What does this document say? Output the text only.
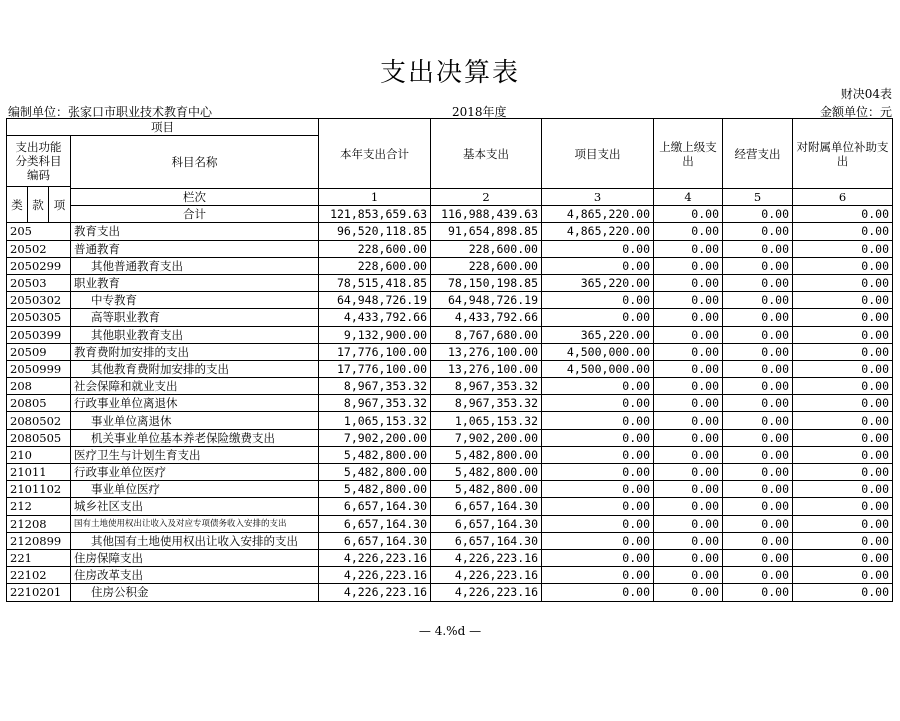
支出决算表
财决04表
编制单位：张家口市职业技术教育中心	2018年度	金额单位：元
项目				本年支出合计	基本支出	项目支出	上缴上级支出	经营支出	对附属单位补助支出
支出功能分类科目编码			科目名称						
类	款	项							
			栏次	1	2	3	4	5	6
			合计	121,853,659.63	116,988,439.63	4,865,220.00	0.00	0.00	0.00
205			教育支出	96,520,118.85	91,654,898.85	4,865,220.00	0.00	0.00	0.00
20502			普通教育	228,600.00	228,600.00	0.00	0.00	0.00	0.00
2050299			其他普通教育支出	228,600.00	228,600.00	0.00	0.00	0.00	0.00
20503			职业教育	78,515,418.85	78,150,198.85	365,220.00	0.00	0.00	0.00
2050302			中专教育	64,948,726.19	64,948,726.19	0.00	0.00	0.00	0.00
2050305			高等职业教育	4,433,792.66	4,433,792.66	0.00	0.00	0.00	0.00
2050399			其他职业教育支出	9,132,900.00	8,767,680.00	365,220.00	0.00	0.00	0.00
20509			教育费附加安排的支出	17,776,100.00	13,276,100.00	4,500,000.00	0.00	0.00	0.00
2050999			其他教育费附加安排的支出	17,776,100.00	13,276,100.00	4,500,000.00	0.00	0.00	0.00
208			社会保障和就业支出	8,967,353.32	8,967,353.32	0.00	0.00	0.00	0.00
20805			行政事业单位离退休	8,967,353.32	8,967,353.32	0.00	0.00	0.00	0.00
2080502			事业单位离退休	1,065,153.32	1,065,153.32	0.00	0.00	0.00	0.00
2080505			机关事业单位基本养老保险缴费支出	7,902,200.00	7,902,200.00	0.00	0.00	0.00	0.00
210			医疗卫生与计划生育支出	5,482,800.00	5,482,800.00	0.00	0.00	0.00	0.00
21011			行政事业单位医疗	5,482,800.00	5,482,800.00	0.00	0.00	0.00	0.00
2101102			事业单位医疗	5,482,800.00	5,482,800.00	0.00	0.00	0.00	0.00
212			城乡社区支出	6,657,164.30	6,657,164.30	0.00	0.00	0.00	0.00
21208			国有土地使用权出让收入及对应专项债务收入安排的支出	6,657,164.30	6,657,164.30	0.00	0.00	0.00	0.00
2120899			其他国有土地使用权出让收入安排的支出	6,657,164.30	6,657,164.30	0.00	0.00	0.00	0.00
221			住房保障支出	4,226,223.16	4,226,223.16	0.00	0.00	0.00	0.00
22102			住房改革支出	4,226,223.16	4,226,223.16	0.00	0.00	0.00	0.00
2210201			住房公积金	4,226,223.16	4,226,223.16	0.00	0.00	0.00	0.00
— 4.%d —
